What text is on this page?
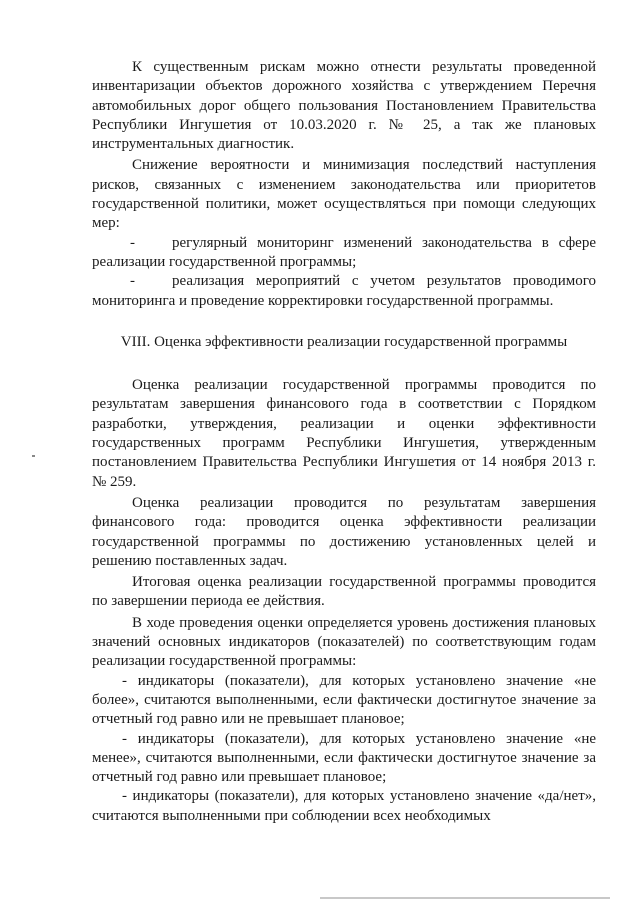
К существенным рискам можно отнести результаты проведенной инвентаризации объектов дорожного хозяйства с утверждением Перечня автомобильных дорог общего пользования Постановлением Правительства Республики Ингушетия от 10.03.2020 г. № 25, а так же плановых инструментальных диагностик.

Снижение вероятности и минимизация последствий наступления рисков, связанных с изменением законодательства или приоритетов государственной политики, может осуществляться при помощи следующих мер:

- регулярный мониторинг изменений законодательства в сфере реализации государственной программы;

- реализация мероприятий с учетом результатов проводимого мониторинга и проведение корректировки государственной программы.

VIII. Оценка эффективности реализации государственной программы

Оценка реализации государственной программы проводится по результатам завершения финансового года в соответствии с Порядком разработки, утверждения, реализации и оценки эффективности государственных программ Республики Ингушетия, утвержденным постановлением Правительства Республики Ингушетия от 14 ноября 2013 г. № 259.

Оценка реализации проводится по результатам завершения финансового года: проводится оценка эффективности реализации государственной программы по достижению установленных целей и решению поставленных задач.

Итоговая оценка реализации государственной программы проводится по завершении периода ее действия.

В ходе проведения оценки определяется уровень достижения плановых значений основных индикаторов (показателей) по соответствующим годам реализации государственной программы:

- индикаторы (показатели), для которых установлено значение «не более», считаются выполненными, если фактически достигнутое значение за отчетный год равно или не превышает плановое;

- индикаторы (показатели), для которых установлено значение «не менее», считаются выполненными, если фактически достигнутое значение за отчетный год равно или превышает плановое;

- индикаторы (показатели), для которых установлено значение «да/нет», считаются выполненными при соблюдении всех необходимых
